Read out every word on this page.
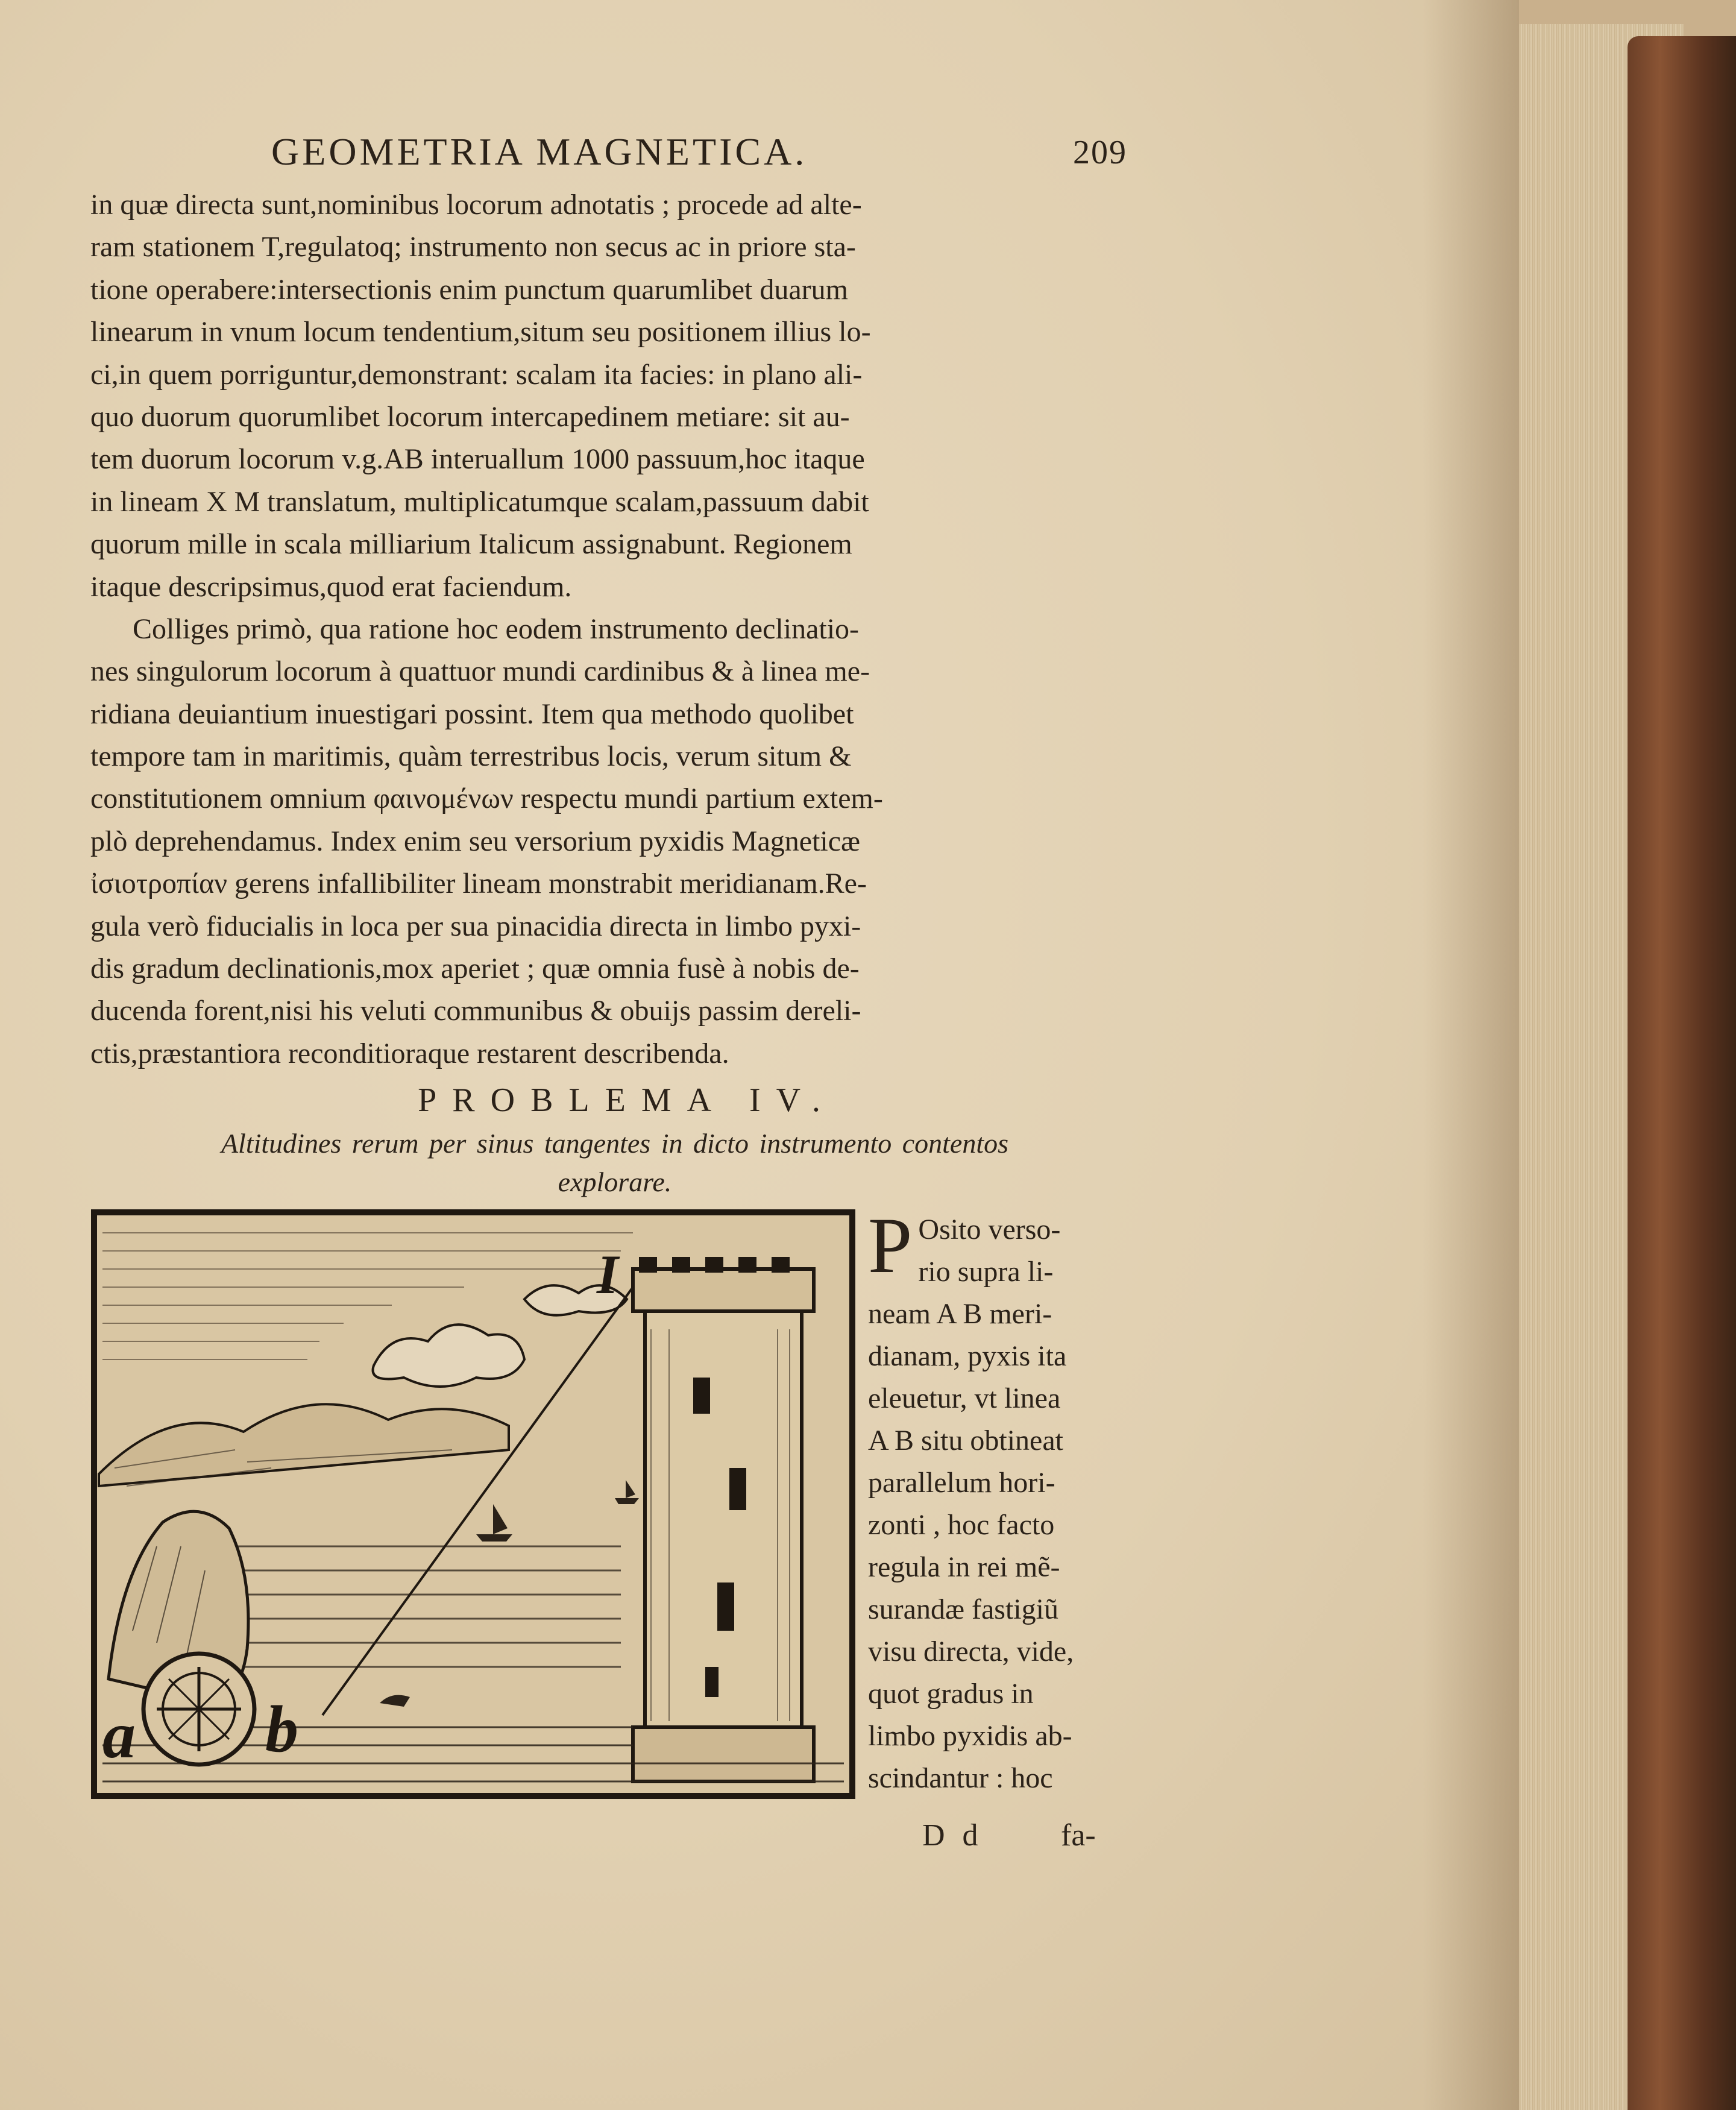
GEOMETRIA MAGNETICA.	209
in quæ directa sunt,nominibus locorum adnotatis ; procede ad alte-
ram stationem T,regulatoq; instrumento non secus ac in priore sta-
tione operabere:intersectionis enim punctum quarumlibet duarum
linearum in vnum locum tendentium,situm seu positionem illius lo-
ci,in quem porriguntur,demonstrant: scalam ita facies: in plano ali-
quo duorum quorumlibet locorum intercapedinem metiare: sit au-
tem duorum locorum v.g.AB interuallum 1000 passuum,hoc itaque
in lineam X M translatum, multiplicatumque scalam,passuum dabit
quorum mille in scala milliarium Italicum assignabunt. Regionem
itaque descripsimus,quod erat faciendum.
Colliges primò, qua ratione hoc eodem instrumento declinatio-
nes singulorum locorum à quattuor mundi cardinibus & à linea me-
ridiana deuiantium inuestigari possint. Item qua methodo quolibet
tempore tam in maritimis, quàm terrestribus locis, verum situm &
constitutionem omnium φαινομένων respectu mundi partium extem-
plò deprehendamus. Index enim seu versorium pyxidis Magneticæ
ἰσιοτροπίαν gerens infallibiliter lineam monstrabit meridianam.Re-
gula verò fiducialis in loca per sua pinacidia directa in limbo pyxi-
dis gradum declinationis,mox aperiet ; quæ omnia fusè à nobis de-
ducenda forent,nisi his veluti communibus & obuijs passim dereli-
ctis,præstantiora reconditioraque restarent describenda.
PROBLEMA IV.
Altitudines rerum per sinus tangentes in dicto instrumento contentos
explorare.
I
a b
P Osito verso-
rio supra li-
neam A B meri-
dianam, pyxis ita
eleuetur, vt linea
A B situ obtineat
parallelum hori-
zonti , hoc facto
regula in rei mẽ-
surandæ fastigiũ
visu directa, vide,
quot gradus in
limbo pyxidis ab-
scindantur : hoc
D d fa-
